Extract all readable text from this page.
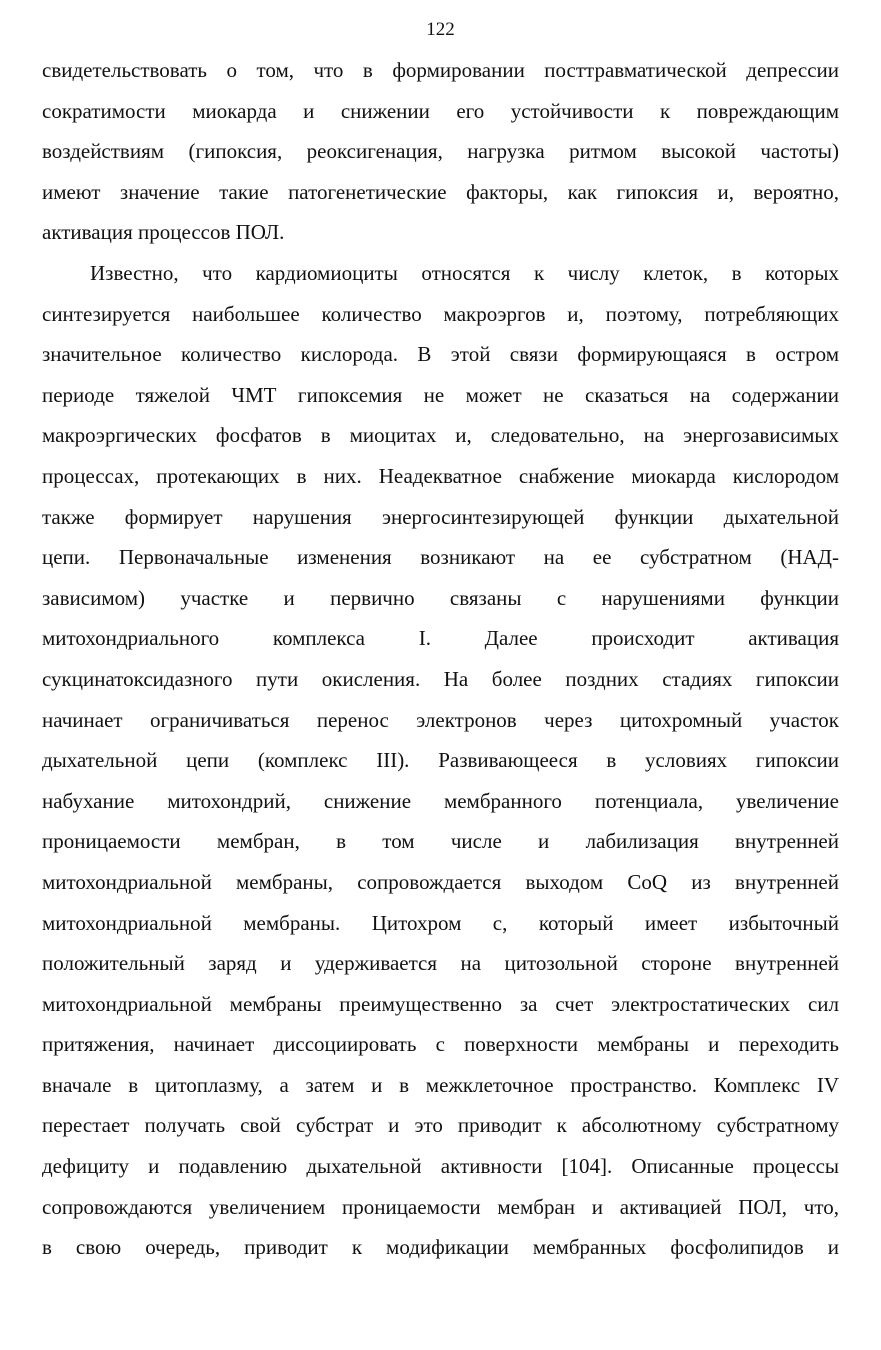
122
свидетельствовать о том, что в формировании посттравматической депрессии
сократимости миокарда и снижении его устойчивости к повреждающим
воздействиям (гипоксия, реоксигенация, нагрузка ритмом высокой частоты)
имеют значение такие патогенетические факторы, как гипоксия и, вероятно,
активация процессов ПОЛ.
Известно, что кардиомиоциты относятся к числу клеток, в которых
синтезируется наибольшее количество макроэргов и, поэтому, потребляющих
значительное количество кислорода. В этой связи формирующаяся в остром
периоде тяжелой ЧМТ гипоксемия не может не сказаться на содержании
макроэргических фосфатов в миоцитах и, следовательно, на энергозависимых
процессах, протекающих в них. Неадекватное снабжение миокарда кислородом
также формирует нарушения энергосинтезирующей функции дыхательной
цепи. Первоначальные изменения возникают на ее субстратном (НАД-
зависимом) участке и первично связаны с нарушениями функции
митохондриального комплекса I. Далее происходит активация
сукцинатоксидазного пути окисления. На более поздних стадиях гипоксии
начинает ограничиваться перенос электронов через цитохромный участок
дыхательной цепи (комплекс III). Развивающееся в условиях гипоксии
набухание митохондрий, снижение мембранного потенциала, увеличение
проницаемости мембран, в том числе и лабилизация внутренней
митохондриальной мембраны, сопровождается выходом CoQ из внутренней
митохондриальной мембраны. Цитохром c, который имеет избыточный
положительный заряд и удерживается на цитозольной стороне внутренней
митохондриальной мембраны преимущественно за счет электростатических сил
притяжения, начинает диссоциировать с поверхности мембраны и переходить
вначале в цитоплазму, а затем и в межклеточное пространство. Комплекс IV
перестает получать свой субстрат и это приводит к абсолютному субстратному
дефициту и подавлению дыхательной активности [104]. Описанные процессы
сопровождаются увеличением проницаемости мембран и активацией ПОЛ, что,
в свою очередь, приводит к модификации мембранных фосфолипидов и
